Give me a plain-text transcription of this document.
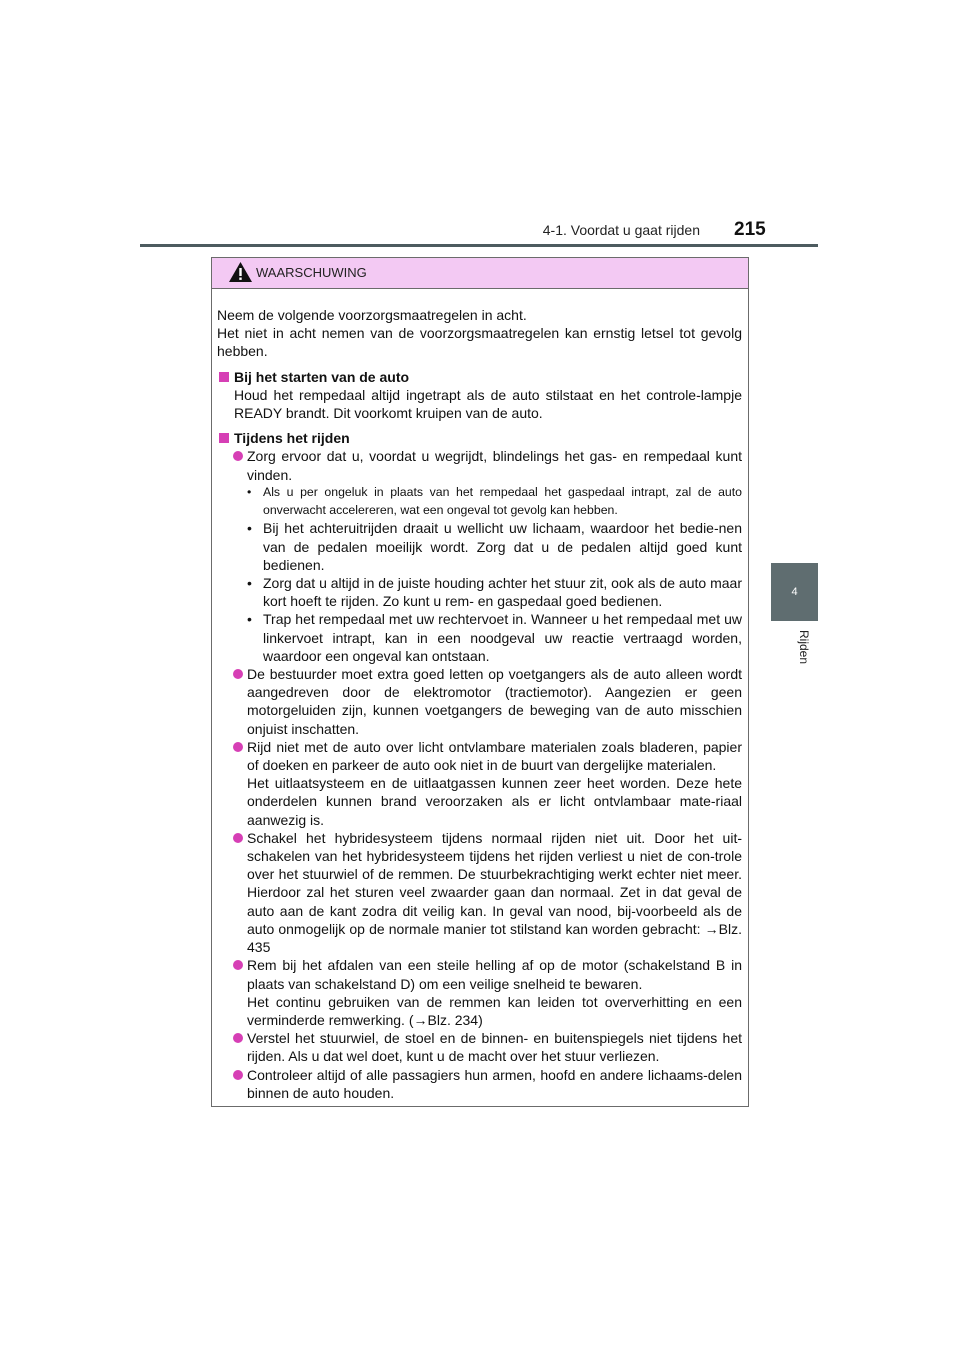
4-1. Voordat u gaat rijden 215
4
Rijden
WAARSCHUWING

Neem de volgende voorzorgsmaatregelen in acht.

Het niet in acht nemen van de voorzorgsmaatregelen kan ernstig letsel tot gevolg hebben.

Bij het starten van de auto

Houd het rempedaal altijd ingetrapt als de auto stilstaat en het controle-lampje READY brandt. Dit voorkomt kruipen van de auto.

Tijdens het rijden
Zorg ervoor dat u, voordat u wegrijdt, blindelings het gas- en rempedaal kunt vinden.
• Als u per ongeluk in plaats van het rempedaal het gaspedaal intrapt, zal de auto onverwacht accelereren, wat een ongeval tot gevolg kan hebben.
• Bij het achteruitrijden draait u wellicht uw lichaam, waardoor het bedie-nen van de pedalen moeilijk wordt. Zorg dat u de pedalen altijd goed kunt bedienen.
• Zorg dat u altijd in de juiste houding achter het stuur zit, ook als de auto maar kort hoeft te rijden. Zo kunt u rem- en gaspedaal goed bedienen.
• Trap het rempedaal met uw rechtervoet in. Wanneer u het rempedaal met uw linkervoet intrapt, kan in een noodgeval uw reactie vertraagd worden, waardoor een ongeval kan ontstaan.
De bestuurder moet extra goed letten op voetgangers als de auto alleen wordt aangedreven door de elektromotor (tractiemotor). Aangezien er geen motorgeluiden zijn, kunnen voetgangers de beweging van de auto misschien onjuist inschatten.
Rijd niet met de auto over licht ontvlambare materialen zoals bladeren, papier of doeken en parkeer de auto ook niet in de buurt van dergelijke materialen.
Het uitlaatsysteem en de uitlaatgassen kunnen zeer heet worden. Deze hete onderdelen kunnen brand veroorzaken als er licht ontvlambaar mate-riaal aanwezig is.
Schakel het hybridesysteem tijdens normaal rijden niet uit. Door het uit-schakelen van het hybridesysteem tijdens het rijden verliest u niet de con-trole over het stuurwiel of de remmen. De stuurbekrachtiging werkt echter niet meer. Hierdoor zal het sturen veel zwaarder gaan dan normaal. Zet in dat geval de auto aan de kant zodra dit veilig kan. In geval van nood, bij-voorbeeld als de auto onmogelijk op de normale manier tot stilstand kan worden gebracht: →Blz. 435
Rem bij het afdalen van een steile helling af op de motor (schakelstand B in plaats van schakelstand D) om een veilige snelheid te bewaren.
Het continu gebruiken van de remmen kan leiden tot oververhitting en een verminderde remwerking. (→Blz. 234)
Verstel het stuurwiel, de stoel en de binnen- en buitenspiegels niet tijdens het rijden. Als u dat wel doet, kunt u de macht over het stuur verliezen.
Controleer altijd of alle passagiers hun armen, hoofd en andere lichaams-delen binnen de auto houden.
